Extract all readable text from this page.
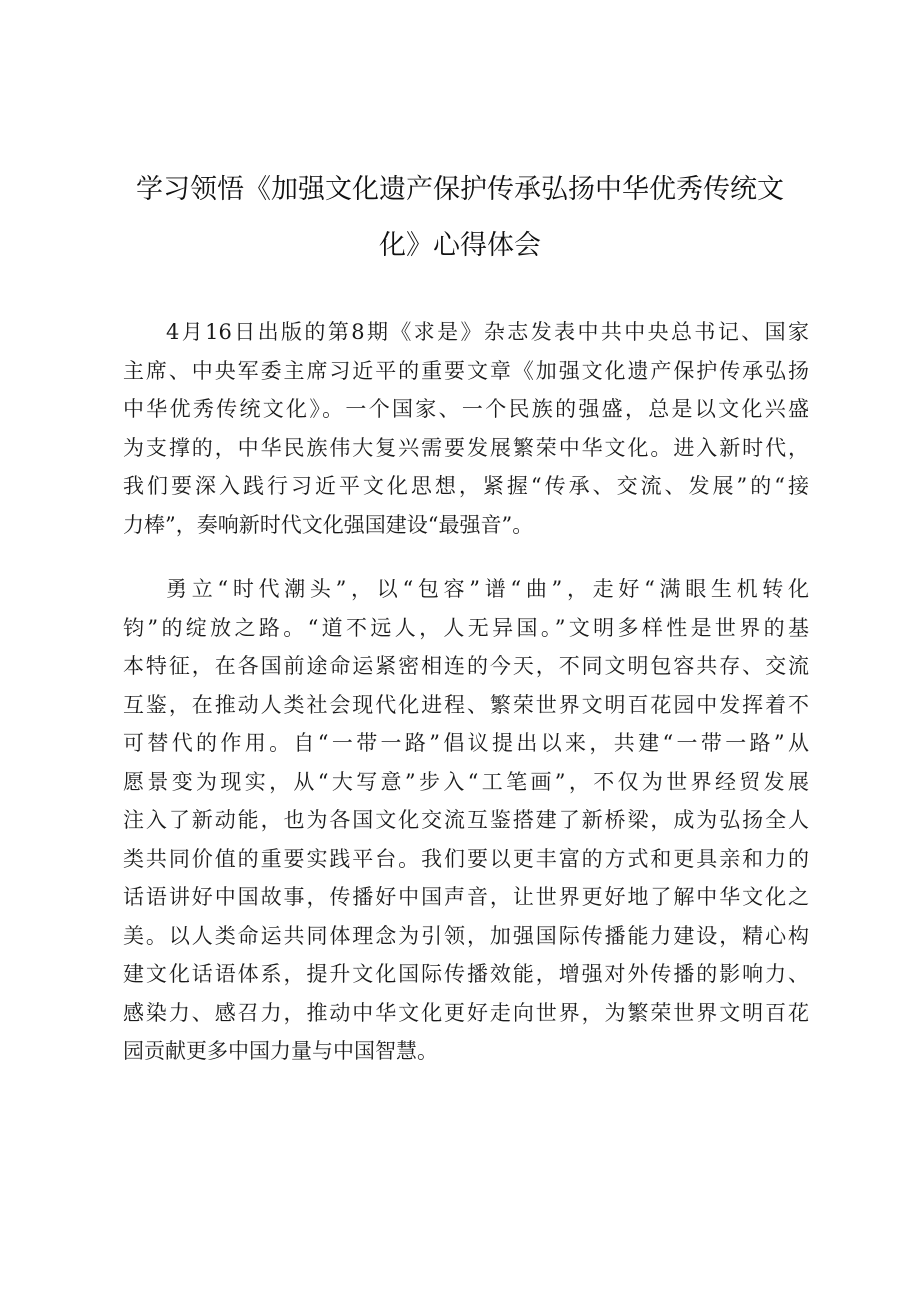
学习领悟《加强文化遗产保护传承弘扬中华优秀传统文
化》心得体会
4月16日出版的第8期《求是》杂志发表中共中央总书记、国家
主席、中央军委主席习近平的重要文章《加强文化遗产保护传承弘扬
中华优秀传统文化》。一个国家、一个民族的强盛，总是以文化兴盛
为支撑的，中华民族伟大复兴需要发展繁荣中华文化。进入新时代，
我们要深入践行习近平文化思想，紧握“传承、交流、发展”的“接
力棒”，奏响新时代文化强国建设“最强音”。
勇立“时代潮头”，以“包容”谱“曲”，走好“满眼生机转化
钧”的绽放之路。“道不远人，人无异国。”文明多样性是世界的基
本特征，在各国前途命运紧密相连的今天，不同文明包容共存、交流
互鉴，在推动人类社会现代化进程、繁荣世界文明百花园中发挥着不
可替代的作用。自“一带一路”倡议提出以来，共建“一带一路”从
愿景变为现实，从“大写意”步入“工笔画”，不仅为世界经贸发展
注入了新动能，也为各国文化交流互鉴搭建了新桥梁，成为弘扬全人
类共同价值的重要实践平台。我们要以更丰富的方式和更具亲和力的
话语讲好中国故事，传播好中国声音，让世界更好地了解中华文化之
美。以人类命运共同体理念为引领，加强国际传播能力建设，精心构
建文化话语体系，提升文化国际传播效能，增强对外传播的影响力、
感染力、感召力，推动中华文化更好走向世界，为繁荣世界文明百花
园贡献更多中国力量与中国智慧。
